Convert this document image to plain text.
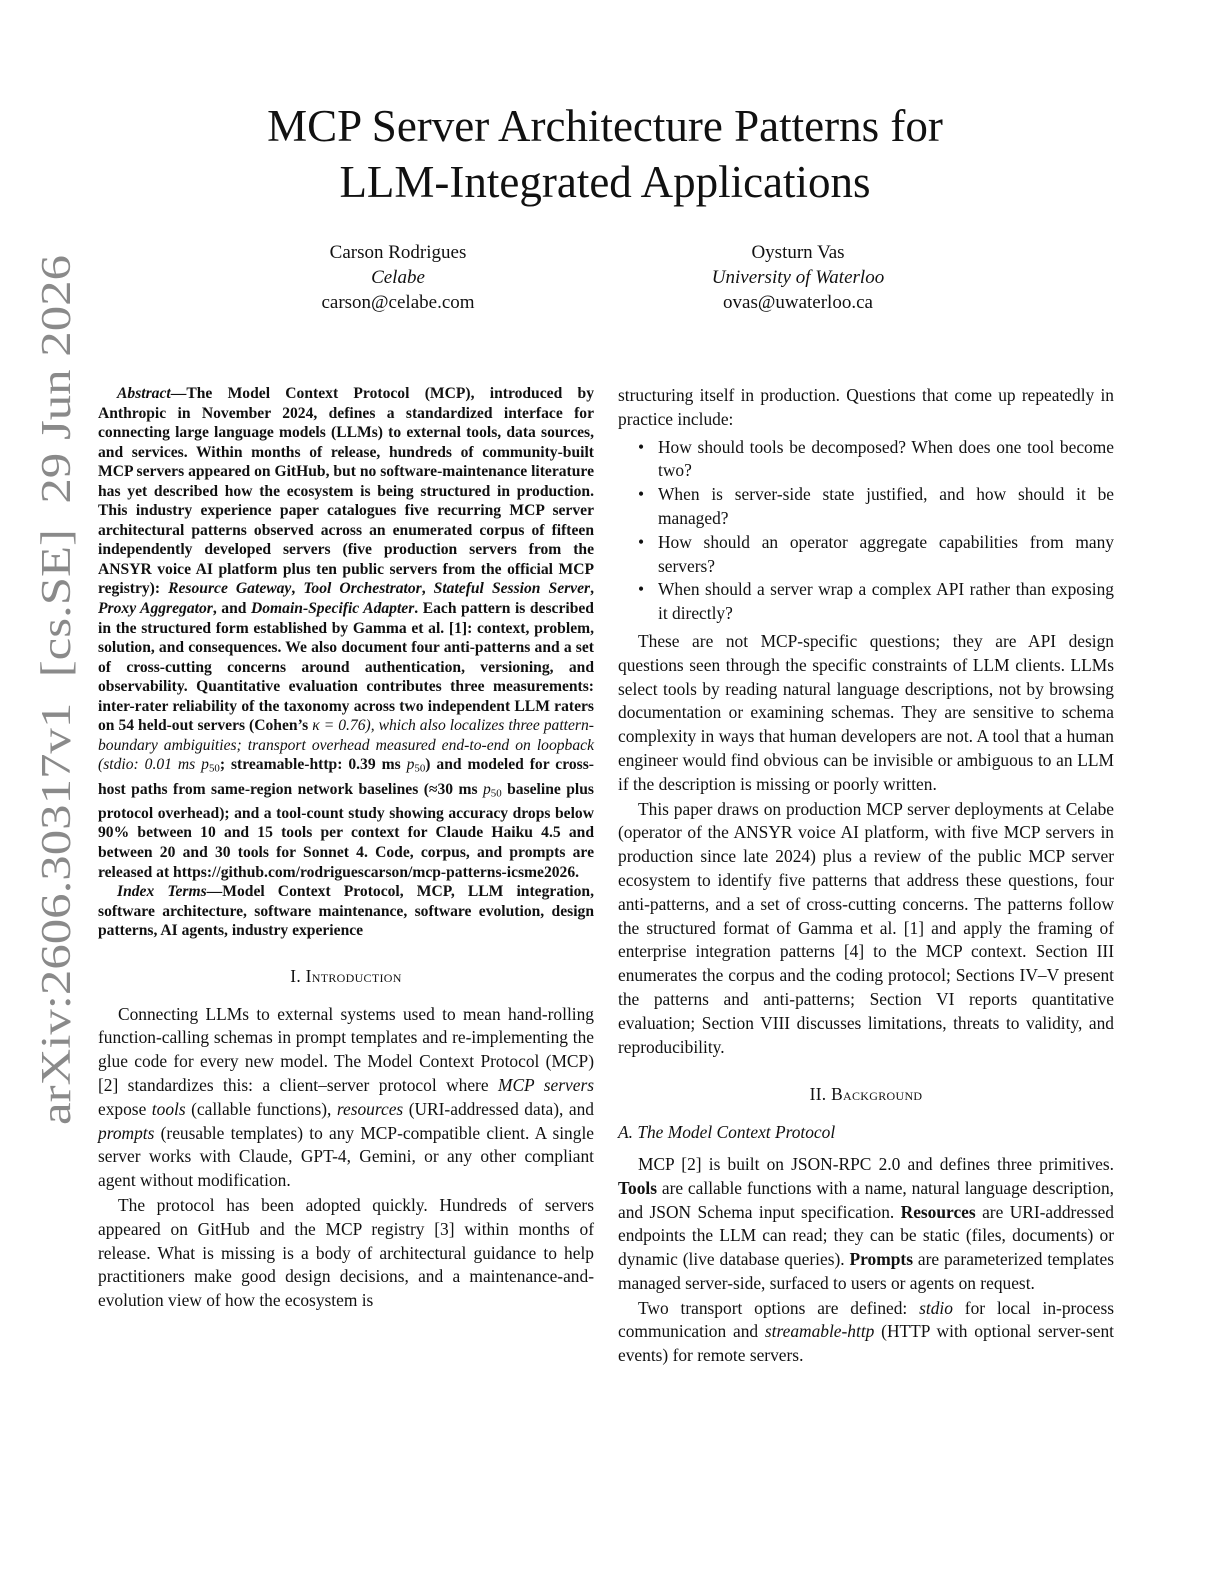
arXiv:2606.30317v1  [cs.SE]  29 Jun 2026
MCP Server Architecture Patterns for
LLM-Integrated Applications
Carson Rodrigues
Celabe
carson@celabe.com
Oysturn Vas
University of Waterloo
ovas@uwaterloo.ca

Abstract—The Model Context Protocol (MCP), introduced by Anthropic in November 2024, defines a standardized interface for connecting large language models (LLMs) to external tools, data sources, and services. Within months of release, hundreds of community-built MCP servers appeared on GitHub, but no software-maintenance literature has yet described how the ecosystem is being structured in production. This industry experience paper catalogues five recurring MCP server architectural patterns observed across an enumerated corpus of fifteen independently developed servers (five production servers from the ANSYR voice AI platform plus ten public servers from the official MCP registry): Resource Gateway, Tool Orchestrator, Stateful Session Server, Proxy Aggregator, and Domain-Specific Adapter. Each pattern is described in the structured form established by Gamma et al. [1]: context, problem, solution, and consequences. We also document four anti-patterns and a set of cross-cutting concerns around authentication, versioning, and observability. Quantitative evaluation contributes three measurements: inter-rater reliability of the taxonomy across two independent LLM raters on 54 held-out servers (Cohen’s κ = 0.76), which also localizes three pattern-boundary ambiguities; transport overhead measured end-to-end on loopback (stdio: 0.01 ms $p_{50}$; streamable-http: 0.39 ms $p_{50}$) and modeled for cross-host paths from same-region network baselines (≈30 ms $p_{50}$ baseline plus protocol overhead); and a tool-count study showing accuracy drops below 90% between 10 and 15 tools per context for Claude Haiku 4.5 and between 20 and 30 tools for Sonnet 4. Code, corpus, and prompts are released at https://github.com/rodriguescarson/mcp-patterns-icsme2026.

Index Terms—Model Context Protocol, MCP, LLM integration, software architecture, software maintenance, software evolution, design patterns, AI agents, industry experience

I. Introduction

Connecting LLMs to external systems used to mean hand-rolling function-calling schemas in prompt templates and re-implementing the glue code for every new model. The Model Context Protocol (MCP) [2] standardizes this: a client–server protocol where MCP servers expose tools (callable functions), resources (URI-addressed data), and prompts (reusable templates) to any MCP-compatible client. A single server works with Claude, GPT-4, Gemini, or any other compliant agent without modification.

The protocol has been adopted quickly. Hundreds of servers appeared on GitHub and the MCP registry [3] within months of release. What is missing is a body of architectural guidance to help practitioners make good design decisions, and a maintenance-and-evolution view of how the ecosystem is

structuring itself in production. Questions that come up repeatedly in practice include:

• How should tools be decomposed? When does one tool become two?
• When is server-side state justified, and how should it be managed?
• How should an operator aggregate capabilities from many servers?
• When should a server wrap a complex API rather than exposing it directly?

These are not MCP-specific questions; they are API design questions seen through the specific constraints of LLM clients. LLMs select tools by reading natural language descriptions, not by browsing documentation or examining schemas. They are sensitive to schema complexity in ways that human developers are not. A tool that a human engineer would find obvious can be invisible or ambiguous to an LLM if the description is missing or poorly written.

This paper draws on production MCP server deployments at Celabe (operator of the ANSYR voice AI platform, with five MCP servers in production since late 2024) plus a review of the public MCP server ecosystem to identify five patterns that address these questions, four anti-patterns, and a set of cross-cutting concerns. The patterns follow the structured format of Gamma et al. [1] and apply the framing of enterprise integration patterns [4] to the MCP context. Section III enumerates the corpus and the coding protocol; Sections IV–V present the patterns and anti-patterns; Section VI reports quantitative evaluation; Section VIII discusses limitations, threats to validity, and reproducibility.

II. Background
A. The Model Context Protocol

MCP [2] is built on JSON-RPC 2.0 and defines three primitives. Tools are callable functions with a name, natural language description, and JSON Schema input specification. Resources are URI-addressed endpoints the LLM can read; they can be static (files, documents) or dynamic (live database queries). Prompts are parameterized templates managed server-side, surfaced to users or agents on request.

Two transport options are defined: stdio for local in-process communication and streamable-http (HTTP with optional server-sent events) for remote servers.
